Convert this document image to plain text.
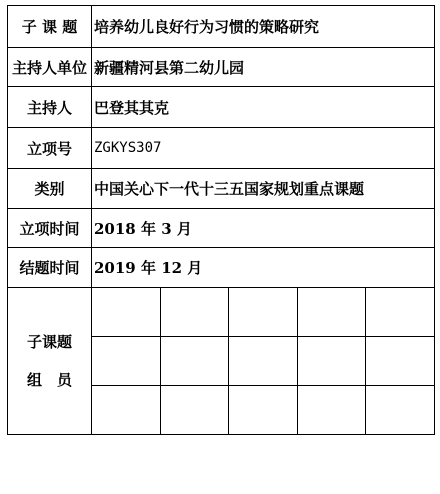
子 课 题	培养幼儿良好行为习惯的策略研究				
主持人单位	新疆精河县第二幼儿园				
主持人	巴登其其克				
立项号	ZGKYS307				
类别	中国关心下一代十三五国家规划重点课题				
立项时间	2018 年 3 月				
结题时间	2019 年 12 月				

子课题
组　员					
